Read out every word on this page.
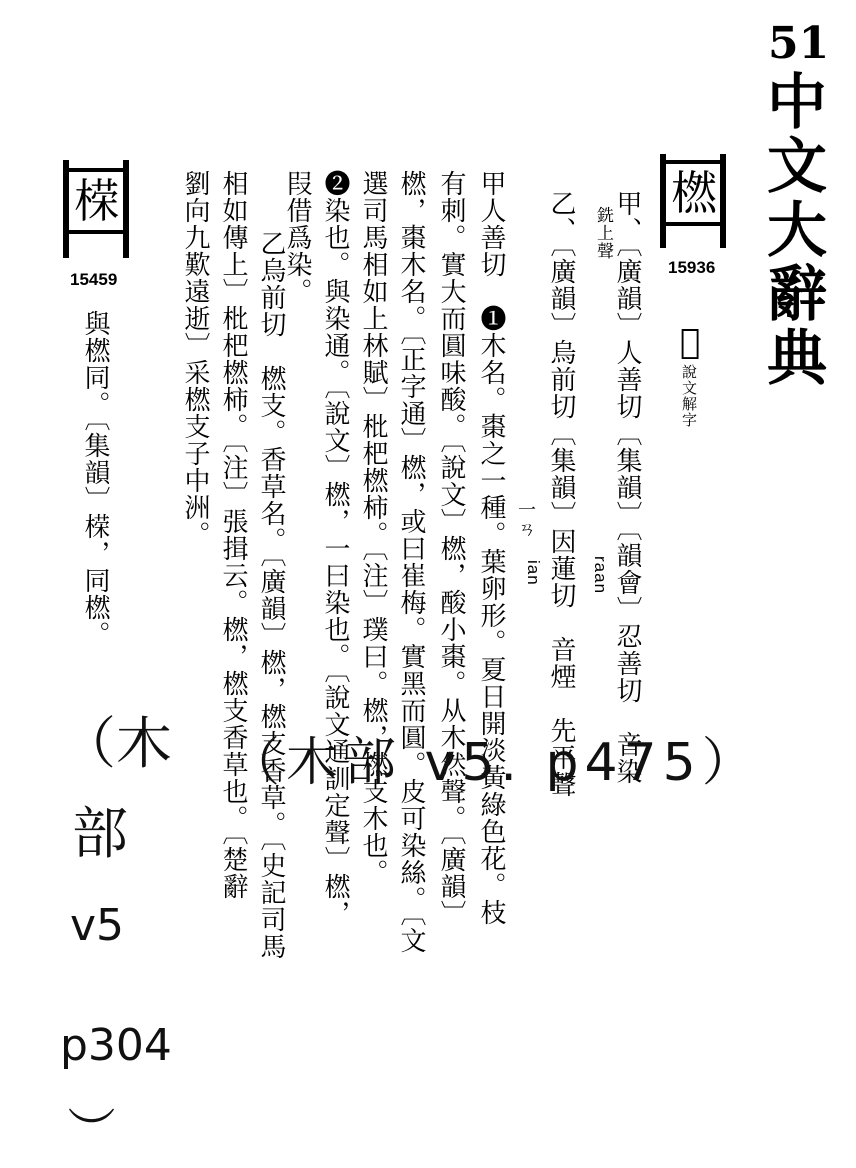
51
中文大辭典
橪
15936
𣜫
說文解字
甲、〔廣韻〕人善切〔集韻〕〔韻會〕忍善切　音染　
raan
銑上聲
乙、〔廣韻〕烏前切〔集韻〕因蓮切　音煙　先平聲
一ㄢ
ian
甲人善切　❶木名。棗之一種。葉卵形。夏日開淡黃綠色花。枝
有刺。實大而圓味酸。〔說文〕橪，酸小棗。从木然聲。〔廣韻〕
橪，棗木名。〔正字通〕橪，或曰崔梅。實黑而圓。皮可染絲。〔文
選司馬相如上林賦〕枇杷橪柿。〔注〕璞曰。橪，橪支木也。
❷染也。與染通。〔說文〕橪，一曰染也。〔說文通訓定聲〕橪，
叚借爲染。
乙烏前切　橪支。香草名。〔廣韻〕橪，橪支香草。〔史記司馬
相如傳上〕枇杷橪柿。〔注〕張揖云。橪，橪支香草也。〔楚辭
劉向九歎遠逝〕采橪支子中洲。
㮠
15459
與橪同。〔集韻〕㮠，同橪。
（木部 v5. p475）
（木
部
v5
p304
）
